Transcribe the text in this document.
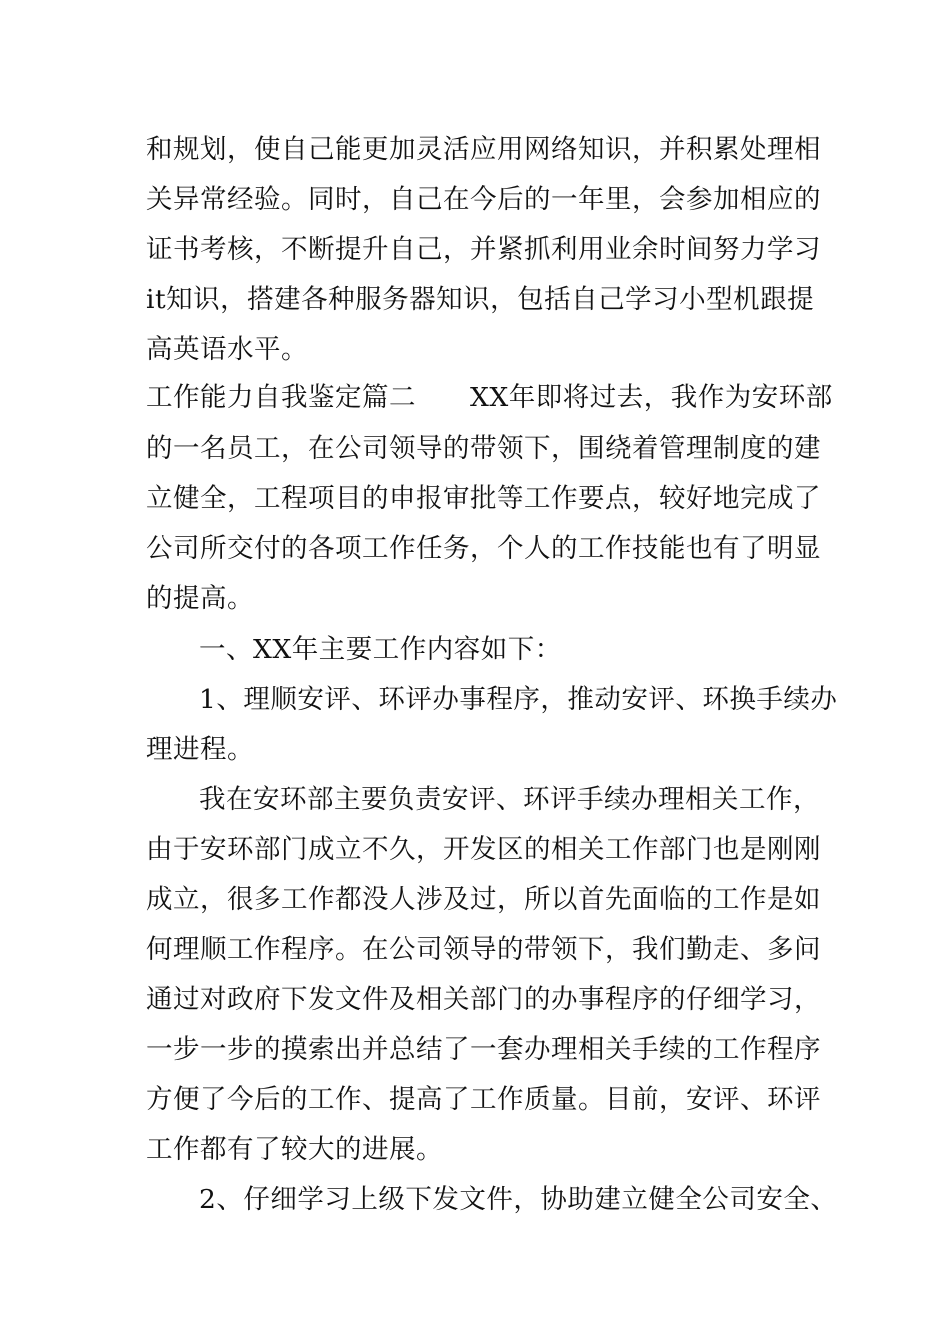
和规划，使自己能更加灵活应用网络知识，并积累处理相
关异常经验。同时，自己在今后的一年里，会参加相应的
证书考核，不断提升自己，并紧抓利用业余时间努力学习
it知识，搭建各种服务器知识，包括自己学习小型机跟提
高英语水平。
工作能力自我鉴定篇二　　XX年即将过去，我作为安环部
的一名员工，在公司领导的带领下，围绕着管理制度的建
立健全，工程项目的申报审批等工作要点，较好地完成了
公司所交付的各项工作任务，个人的工作技能也有了明显
的提高。
一、XX年主要工作内容如下：
1、理顺安评、环评办事程序，推动安评、环换手续办
理进程。
我在安环部主要负责安评、环评手续办理相关工作，
由于安环部门成立不久，开发区的相关工作部门也是刚刚
成立，很多工作都没人涉及过，所以首先面临的工作是如
何理顺工作程序。在公司领导的带领下，我们勤走、多问
通过对政府下发文件及相关部门的办事程序的仔细学习，
一步一步的摸索出并总结了一套办理相关手续的工作程序
方便了今后的工作、提高了工作质量。目前，安评、环评
工作都有了较大的进展。
2、仔细学习上级下发文件，协助建立健全公司安全、
